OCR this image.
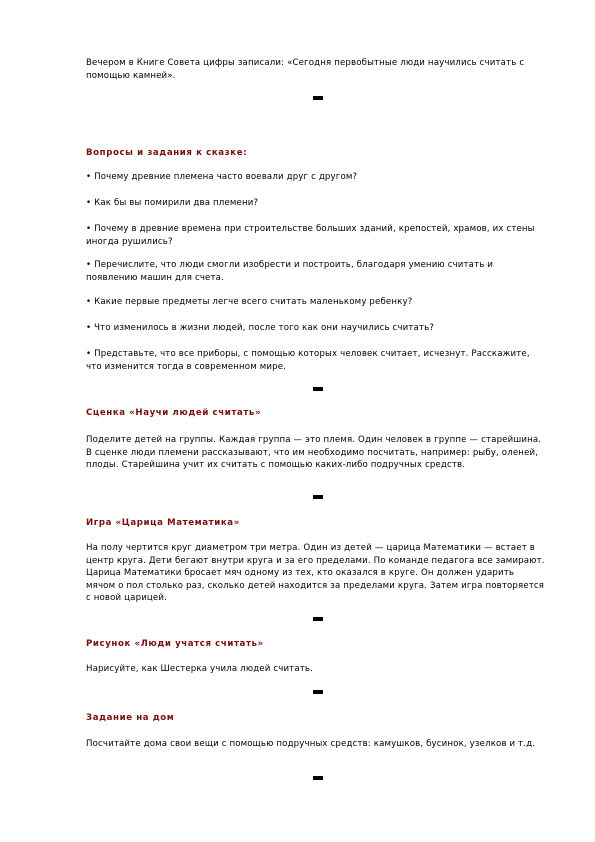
Вечером в Книге Совета цифры записали: «Сегодня первобытные люди научились считать с помощью камней».
Вопросы и задания к сказке:
• Почему древние племена часто воевали друг с другом?
• Как бы вы помирили два племени?
• Почему в древние времена при строительстве больших зданий, крепостей, храмов, их стены иногда рушились?
• Перечислите, что люди смогли изобрести и построить, благодаря умению считать и появлению машин для счета.
• Какие первые предметы легче всего считать маленькому ребенку?
• Что изменилось в жизни людей, после того как они научились считать?
• Представьте, что все приборы, с помощью которых человек считает, исчезнут. Расскажите, что изменится тогда в современном мире.
Сценка «Научи людей считать»
Поделите детей на группы. Каждая группа — это племя. Один человек в группе — старейшина. В сценке люди племени рассказывают, что им необходимо посчитать, например: рыбу, оленей, плоды. Старейшина учит их считать с помощью каких-либо подручных средств.
Игра «Царица Математика»
На полу чертится круг диаметром три метра. Один из детей — царица Математики — встает в центр круга. Дети бегают внутри круга и за его пределами. По команде педагога все замирают. Царица Математики бросает мяч одному из тех, кто оказался в круге. Он должен ударить мячом о пол столько раз, сколько детей находится за пределами круга. Затем игра повторяется с новой царицей.
Рисунок «Люди учатся считать»
Нарисуйте, как Шестерка учила людей считать.
Задание на дом
Посчитайте дома свои вещи с помощью подручных средств: камушков, бусинок, узелков и т.д.
